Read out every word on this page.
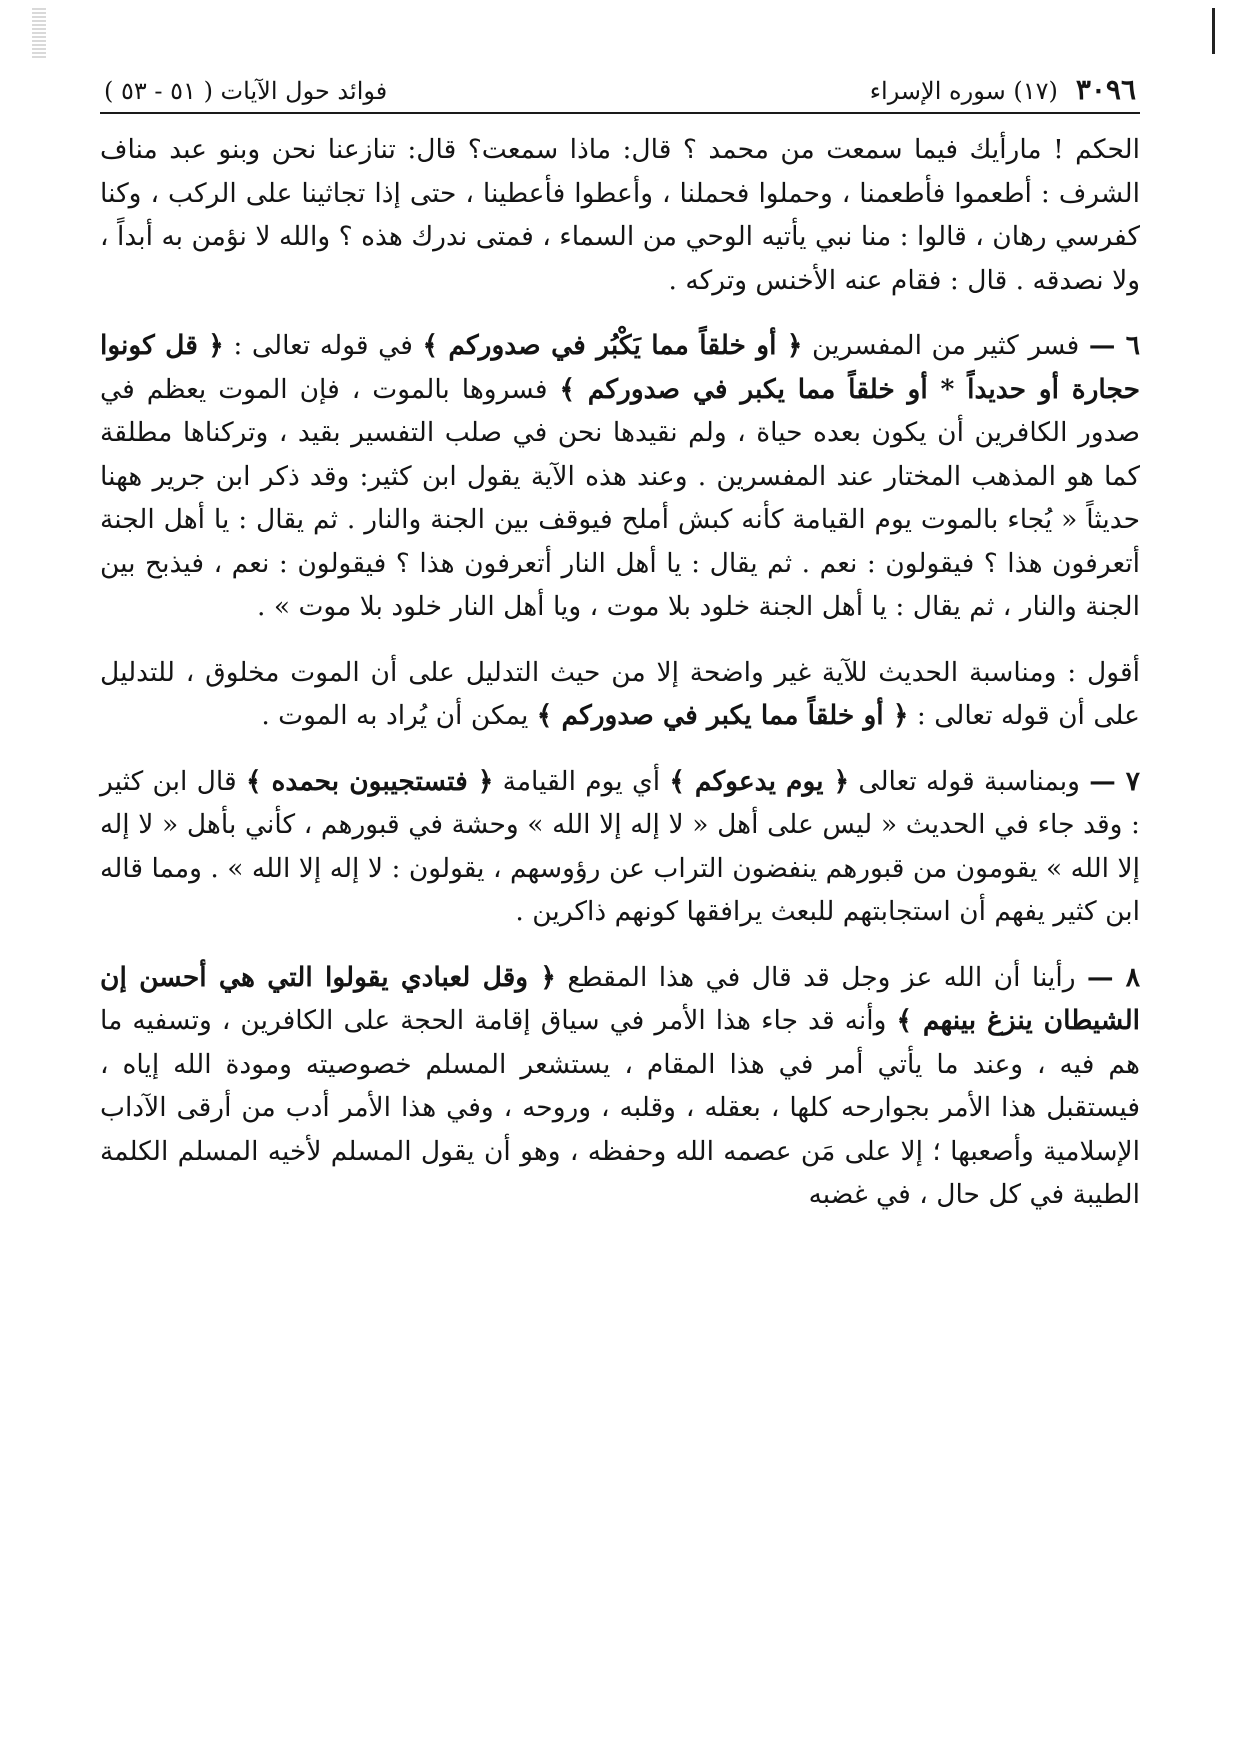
٣٠٩٦(١٧) سوره الإسراء
فوائد حول الآيات ( ٥١ - ٥٣ )

الحكم ! مارأيك فيما سمعت من محمد ؟ قال: ماذا سمعت؟ قال: تنازعنا نحن وبنو عبد مناف الشرف : أطعموا فأطعمنا ، وحملوا فحملنا ، وأعطوا فأعطينا ، حتى إذا تجاثينا على الركب ، وكنا كفرسي رهان ، قالوا : منا نبي يأتيه الوحي من السماء ، فمتى ندرك هذه ؟ والله لا نؤمن به أبداً ، ولا نصدقه . قال : فقام عنه الأخنس وتركه .

٦ — فسر كثير من المفسرين ﴿ أو خلقاً مما يَكْبُر في صدوركم ﴾ في قوله تعالى : ﴿ قل كونوا حجارة أو حديداً * أو خلقاً مما يكبر في صدوركم ﴾ فسروها بالموت ، فإن الموت يعظم في صدور الكافرين أن يكون بعده حياة ، ولم نقيدها نحن في صلب التفسير بقيد ، وتركناها مطلقة كما هو المذهب المختار عند المفسرين . وعند هذه الآية يقول ابن كثير: وقد ذكر ابن جرير ههنا حديثاً « يُجاء بالموت يوم القيامة كأنه كبش أملح فيوقف بين الجنة والنار . ثم يقال : يا أهل الجنة أتعرفون هذا ؟ فيقولون : نعم . ثم يقال : يا أهل النار أتعرفون هذا ؟ فيقولون : نعم ، فيذبح بين الجنة والنار ، ثم يقال : يا أهل الجنة خلود بلا موت ، ويا أهل النار خلود بلا موت » .

أقول : ومناسبة الحديث للآية غير واضحة إلا من حيث التدليل على أن الموت مخلوق ، للتدليل على أن قوله تعالى : ﴿ أو خلقاً مما يكبر في صدوركم ﴾ يمكن أن يُراد به الموت .

٧ — وبمناسبة قوله تعالى ﴿ يوم يدعوكم ﴾ أي يوم القيامة ﴿ فتستجيبون بحمده ﴾ قال ابن كثير : وقد جاء في الحديث « ليس على أهل « لا إله إلا الله » وحشة في قبورهم ، كأني بأهل « لا إله إلا الله » يقومون من قبورهم ينفضون التراب عن رؤوسهم ، يقولون : لا إله إلا الله » . ومما قاله ابن كثير يفهم أن استجابتهم للبعث يرافقها كونهم ذاكرين .

٨ — رأينا أن الله عز وجل قد قال في هذا المقطع ﴿ وقل لعبادي يقولوا التي هي أحسن إن الشيطان ينزغ بينهم ﴾ وأنه قد جاء هذا الأمر في سياق إقامة الحجة على الكافرين ، وتسفيه ما هم فيه ، وعند ما يأتي أمر في هذا المقام ، يستشعر المسلم خصوصيته ومودة الله إياه ، فيستقبل هذا الأمر بجوارحه كلها ، بعقله ، وقلبه ، وروحه ، وفي هذا الأمر أدب من أرقى الآداب الإسلامية وأصعبها ؛ إلا على مَن عصمه الله وحفظه ، وهو أن يقول المسلم لأخيه المسلم الكلمة الطيبة في كل حال ، في غضبه
